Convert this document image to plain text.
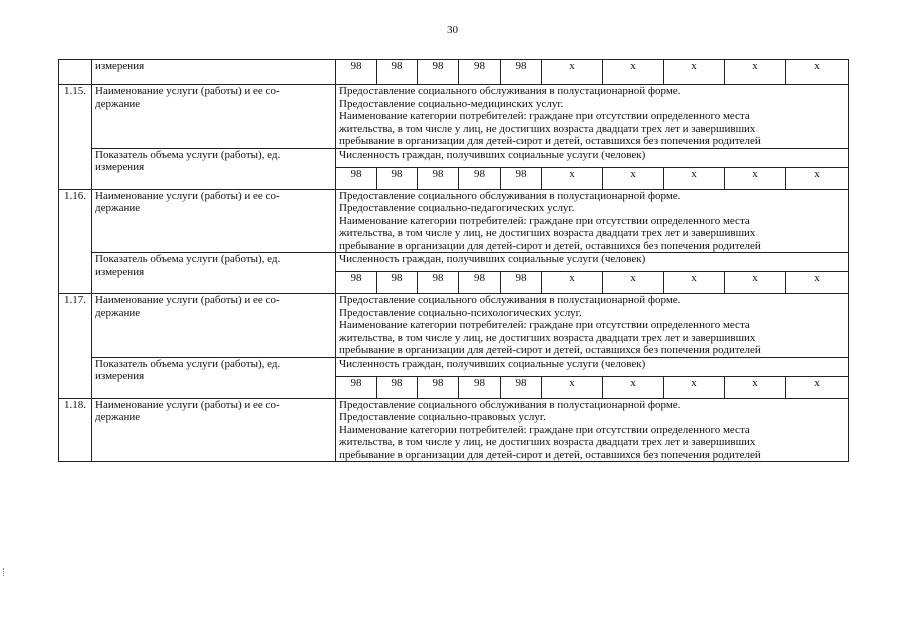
30
	измерения	98	98	98	98	98	x	x	x	x	x
1.15.	Наименование услуги (работы) и ее со-
держание	Предоставление социального обслуживания в полустационарной форме.
Предоставление социально-медицинских услуг.
Наименование категории потребителей: граждане при отсутствии определенного места
жительства, в том числе у лиц, не достигших возраста двадцати трех лет и завершивших
пребывание в организации для детей-сирот и детей, оставшихся без попечения родителей									

	Показатель объема услуги (работы), ед.
измерения	Численность граждан, получивших социальные услуги (человек)									
		98	98	98	98	98	x	x	x	x	x
1.16.	Наименование услуги (работы) и ее со-
держание	Предоставление социального обслуживания в полустационарной форме.
Предоставление социально-педагогических услуг.
Наименование категории потребителей: граждане при отсутствии определенного места
жительства, в том числе у лиц, не достигших возраста двадцати трех лет и завершивших
пребывание в организации для детей-сирот и детей, оставшихся без попечения родителей									

	Показатель объема услуги (работы), ед.
измерения	Численность граждан, получивших социальные услуги (человек)									
		98	98	98	98	98	x	x	x	x	x
1.17.	Наименование услуги (работы) и ее со-
держание	Предоставление социального обслуживания в полустационарной форме.
Предоставление социально-психологических услуг.
Наименование категории потребителей: граждане при отсутствии определенного места
жительства, в том числе у лиц, не достигших возраста двадцати трех лет и завершивших
пребывание в организации для детей-сирот и детей, оставшихся без попечения родителей									

	Показатель объема услуги (работы), ед.
измерения	Численность граждан, получивших социальные услуги (человек)									
		98	98	98	98	98	x	x	x	x	x
1.18.	Наименование услуги (работы) и ее со-
держание	Предоставление социального обслуживания в полустационарной форме.
Предоставление социально-правовых услуг.
Наименование категории потребителей: граждане при отсутствии определенного места
жительства, в том числе у лиц, не достигших возраста двадцати трех лет и завершивших
пребывание в организации для детей-сирот и детей, оставшихся без попечения родителей									
